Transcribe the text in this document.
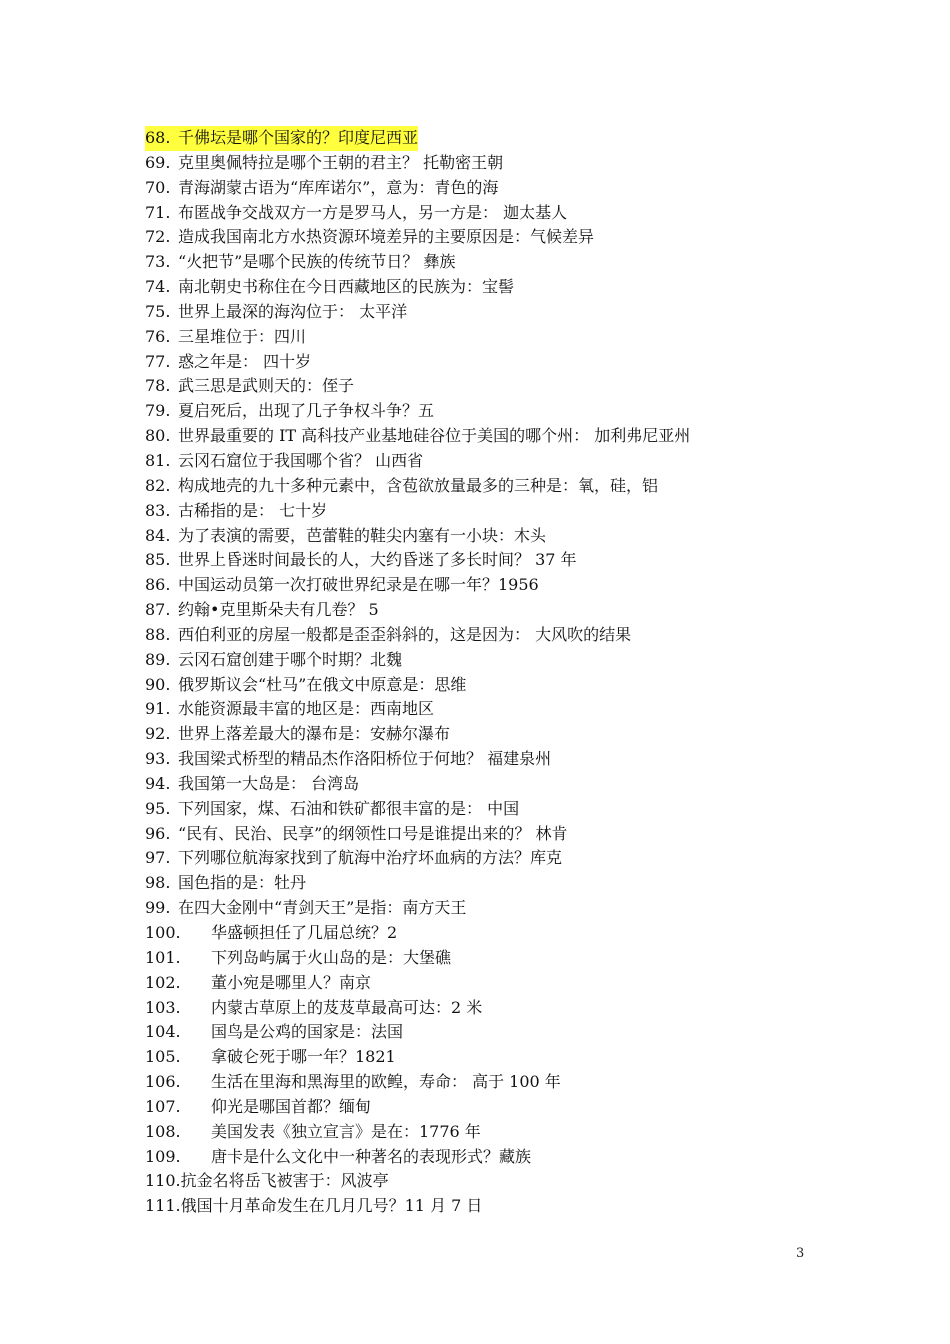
68. 千佛坛是哪个国家的？印度尼西亚
69. 克里奥佩特拉是哪个王朝的君主？ 托勒密王朝
70. 青海湖蒙古语为“库库诺尔”，意为：青色的海
71. 布匿战争交战双方一方是罗马人，另一方是： 迦太基人
72. 造成我国南北方水热资源环境差异的主要原因是：气候差异
73. “火把节”是哪个民族的传统节日？ 彝族
74. 南北朝史书称住在今日西藏地区的民族为：宝髻
75. 世界上最深的海沟位于： 太平洋
76. 三星堆位于：四川
77. 惑之年是： 四十岁
78. 武三思是武则天的：侄子
79. 夏启死后，出现了几子争权斗争？五
80. 世界最重要的 IT 高科技产业基地硅谷位于美国的哪个州： 加利弗尼亚州
81. 云冈石窟位于我国哪个省？ 山西省
82. 构成地壳的九十多种元素中，含苞欲放量最多的三种是：氧，硅，铝
83. 古稀指的是： 七十岁
84. 为了表演的需要，芭蕾鞋的鞋尖内塞有一小块：木头
85. 世界上昏迷时间最长的人，大约昏迷了多长时间？ 37 年
86. 中国运动员第一次打破世界纪录是在哪一年？1956
87. 约翰•克里斯朵夫有几卷？ 5
88. 西伯利亚的房屋一般都是歪歪斜斜的，这是因为： 大风吹的结果
89. 云冈石窟创建于哪个时期？北魏
90. 俄罗斯议会“杜马”在俄文中原意是：思维
91. 水能资源最丰富的地区是：西南地区
92. 世界上落差最大的瀑布是：安赫尔瀑布
93. 我国梁式桥型的精品杰作洛阳桥位于何地？ 福建泉州
94. 我国第一大岛是： 台湾岛
95. 下列国家，煤、石油和铁矿都很丰富的是： 中国
96. “民有、民治、民享”的纲领性口号是谁提出来的？ 林肯
97. 下列哪位航海家找到了航海中治疗坏血病的方法？库克
98. 国色指的是：牡丹
99. 在四大金刚中“青剑天王”是指：南方天王
100.	华盛顿担任了几届总统？2
101.	下列岛屿属于火山岛的是：大堡礁
102.	董小宛是哪里人？南京
103.	内蒙古草原上的芨芨草最高可达：2 米
104.	国鸟是公鸡的国家是：法国
105.	拿破仑死于哪一年？1821
106.	生活在里海和黑海里的欧鳇，寿命： 高于 100 年
107.	仰光是哪国首都？缅甸
108.	美国发表《独立宣言》是在：1776 年
109.	唐卡是什么文化中一种著名的表现形式？藏族
110. 抗金名将岳飞被害于：风波亭
111. 俄国十月革命发生在几月几号？11 月 7 日
3
